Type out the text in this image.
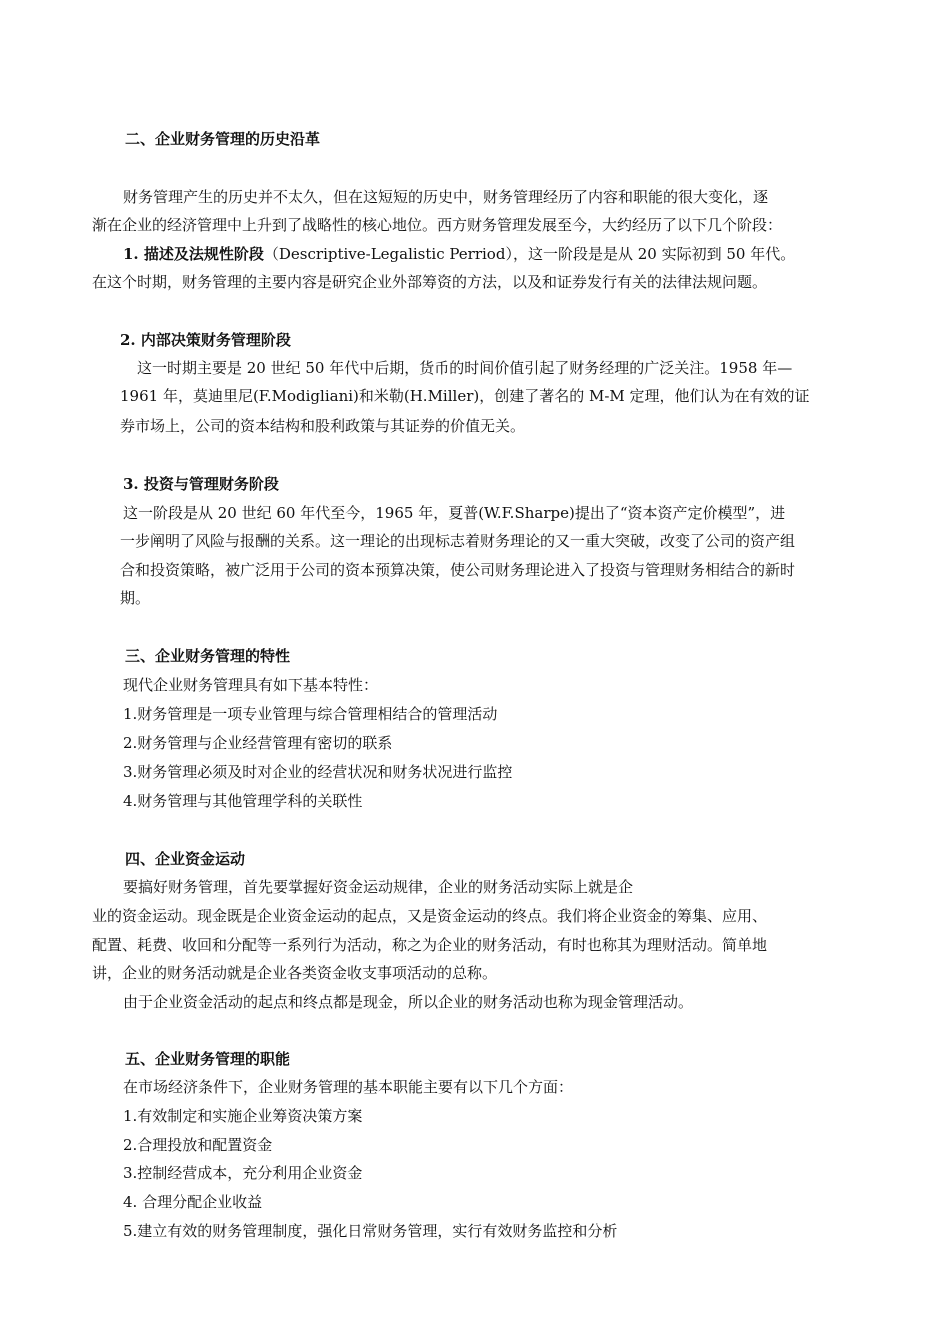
二、企业财务管理的历史沿革
财务管理产生的历史并不太久，但在这短短的历史中，财务管理经历了内容和职能的很大变化，逐
渐在企业的经济管理中上升到了战略性的核心地位。西方财务管理发展至今，大约经历了以下几个阶段：
1. 描述及法规性阶段（Descriptive-Legalistic Perriod），这一阶段是是从 20 实际初到 50 年代。
在这个时期，财务管理的主要内容是研究企业外部筹资的方法，以及和证券发行有关的法律法规问题。
2. 内部决策财务管理阶段
这一时期主要是 20 世纪 50 年代中后期，货币的时间价值引起了财务经理的广泛关注。1958 年—
1961 年，莫迪里尼(F.Modigliani)和米勒(H.Miller)，创建了著名的 M-M 定理，他们认为在有效的证
券市场上，公司的资本结构和股利政策与其证券的价值无关。
3. 投资与管理财务阶段
这一阶段是从 20 世纪 60 年代至今，1965 年，夏普(W.F.Sharpe)提出了“资本资产定价模型”，进
一步阐明了风险与报酬的关系。这一理论的出现标志着财务理论的又一重大突破，改变了公司的资产组
合和投资策略，被广泛用于公司的资本预算决策，使公司财务理论进入了投资与管理财务相结合的新时
期。
三、企业财务管理的特性
现代企业财务管理具有如下基本特性：
1.财务管理是一项专业管理与综合管理相结合的管理活动
2.财务管理与企业经营管理有密切的联系
3.财务管理必须及时对企业的经营状况和财务状况进行监控
4.财务管理与其他管理学科的关联性
四、企业资金运动
要搞好财务管理，首先要掌握好资金运动规律，企业的财务活动实际上就是企
业的资金运动。现金既是企业资金运动的起点，又是资金运动的终点。我们将企业资金的筹集、应用、
配置、耗费、收回和分配等一系列行为活动，称之为企业的财务活动，有时也称其为理财活动。简单地
讲，企业的财务活动就是企业各类资金收支事项活动的总称。
由于企业资金活动的起点和终点都是现金，所以企业的财务活动也称为现金管理活动。
五、企业财务管理的职能
在市场经济条件下，企业财务管理的基本职能主要有以下几个方面：
1.有效制定和实施企业筹资决策方案
2.合理投放和配置资金
3.控制经营成本，充分利用企业资金
4. 合理分配企业收益
5.建立有效的财务管理制度，强化日常财务管理，实行有效财务监控和分析
